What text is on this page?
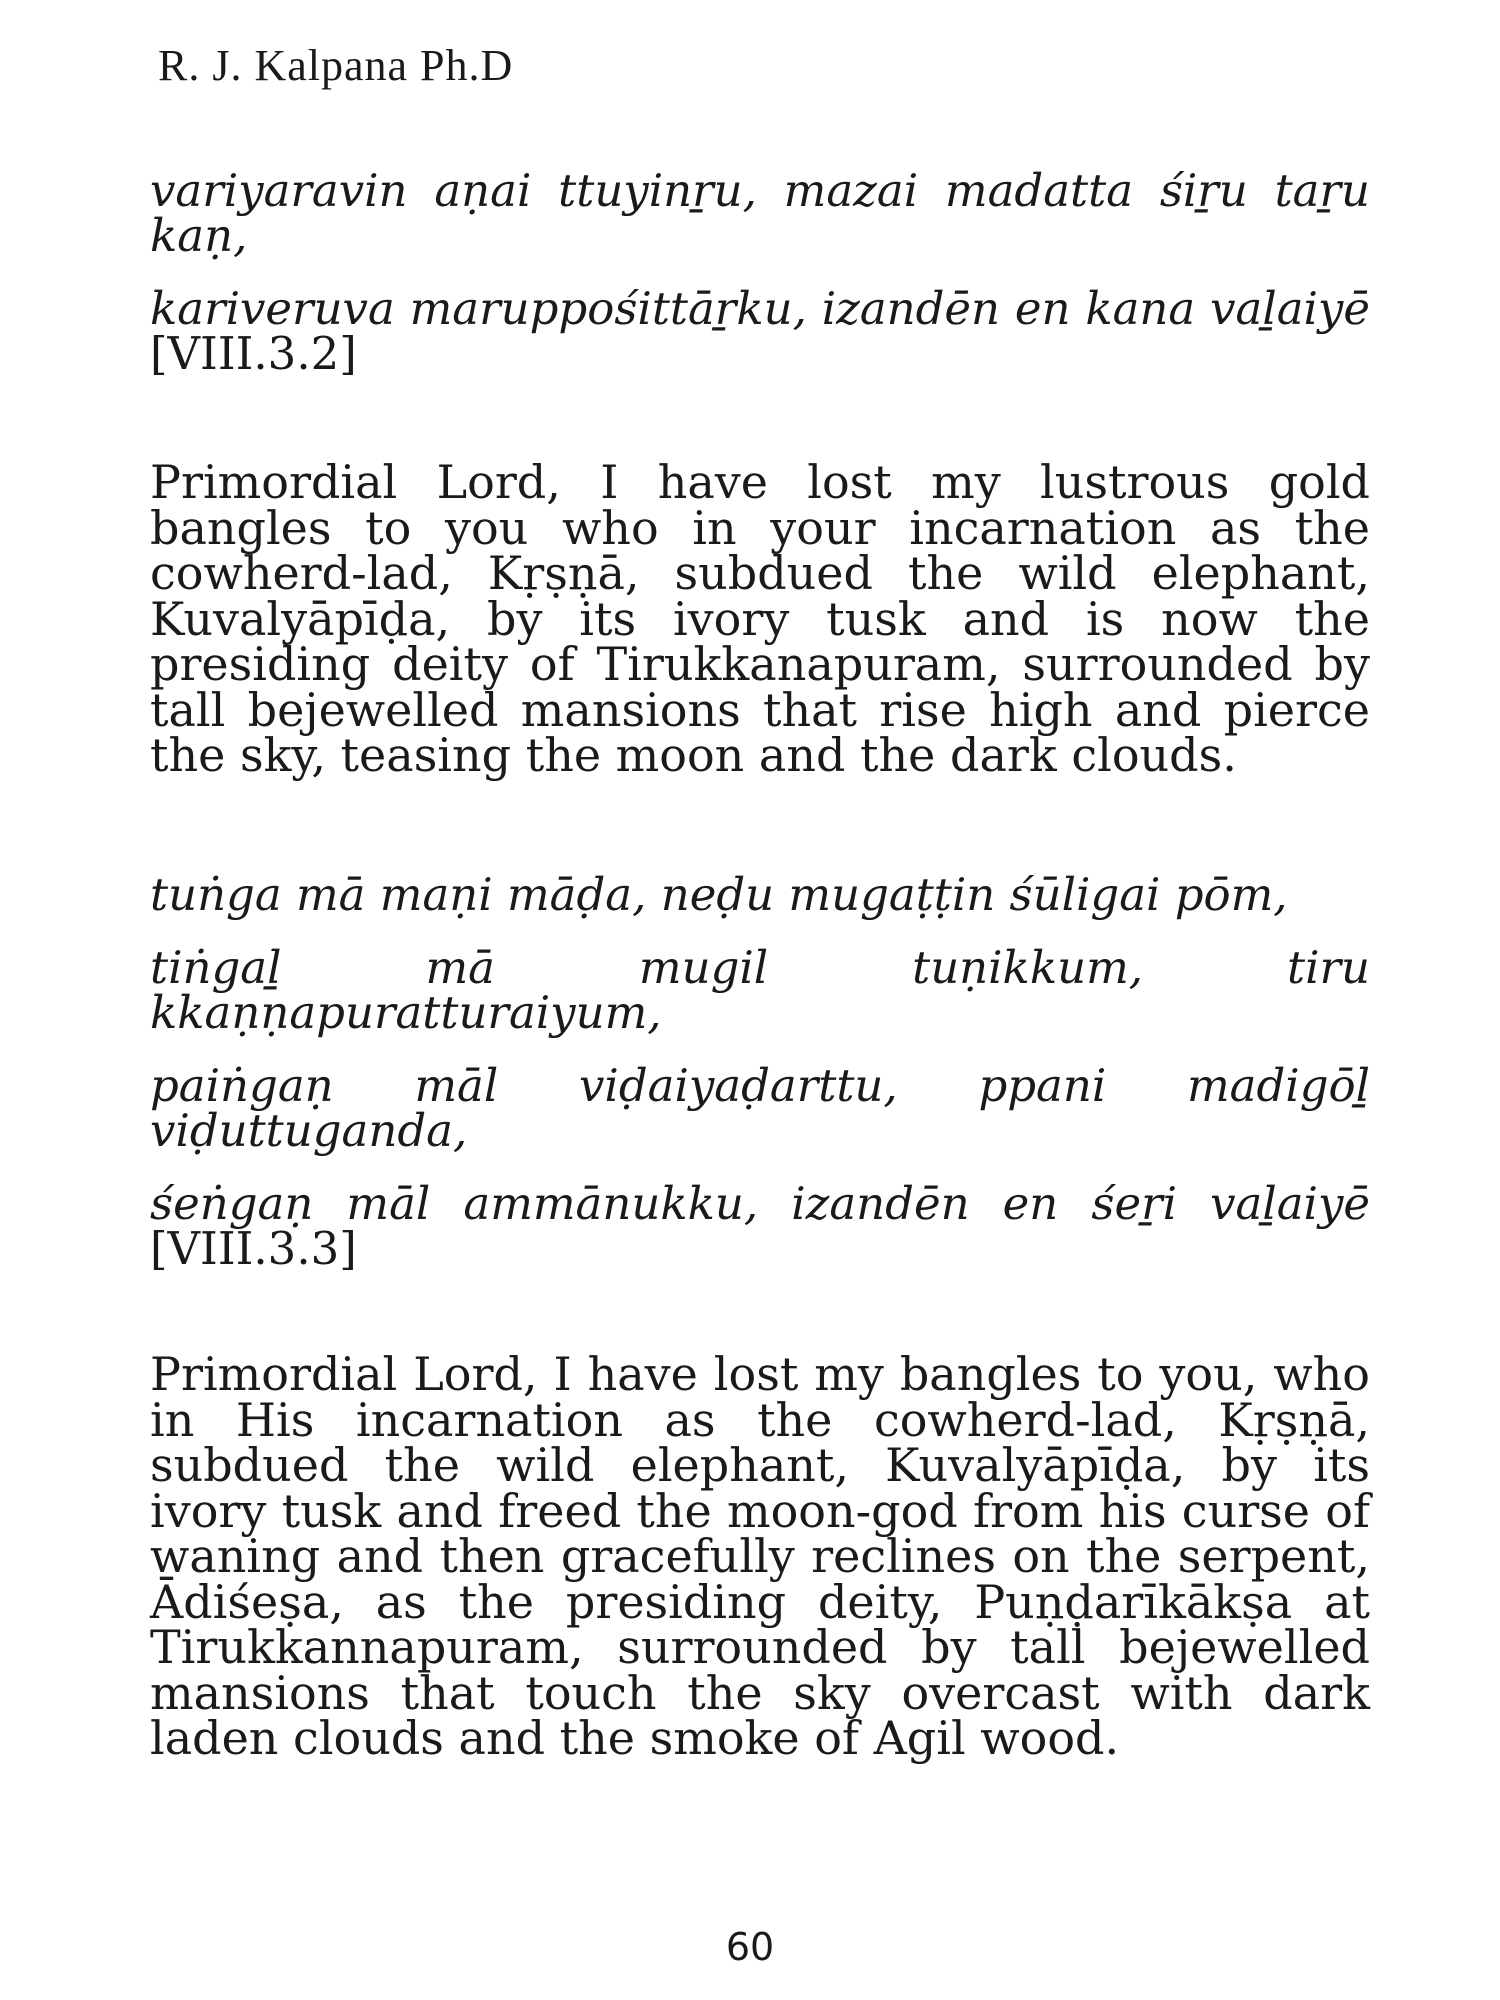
R. J. Kalpana Ph.D

variyaravin aṇai ttuyinṟu, mazai madatta śiṟu taṟu kaṇ,

kariveruva maruppośittāṟku, izandēn en kana vaḻaiyē [VIII.3.2]

Primordial Lord, I have lost my lustrous gold bangles to you who in your incarnation as the cowherd-lad, Kṛṣṇā, subdued the wild elephant, Kuvalyāpīḍa, by its ivory tusk and is now the presiding deity of Tirukkanapuram, surrounded by tall bejewelled mansions that rise high and pierce the sky, teasing the moon and the dark clouds.

tuṅga mā maṇi māḍa, neḍu mugaṭṭin śūligai pōm,

tiṅgaḻ mā mugil tuṇikkum, tiru kkaṇṇapuratturaiyum,

paiṅgaṇ māl viḍaiyaḍarttu, ppani madigōḻ viḍuttuganda,

śeṅgaṇ māl ammānukku, izandēn en śeṟi vaḻaiyē [VIII.3.3]

Primordial Lord, I have lost my bangles to you, who in His incarnation as the cowherd-lad, Kṛṣṇā, subdued the wild elephant, Kuvalyāpīḍa, by its ivory tusk and freed the moon-god from his curse of waning and then gracefully reclines on the serpent, Ādiśeṣa, as the presiding deity, Puṇḍarīkākṣa at Tirukkannapuram, surrounded by tall bejewelled mansions that touch the sky overcast with dark laden clouds and the smoke of Agil wood.

60
